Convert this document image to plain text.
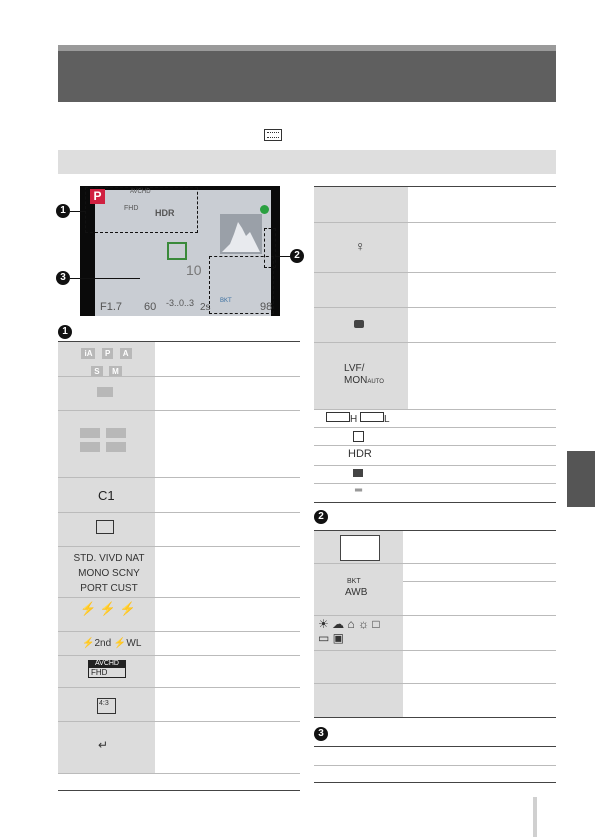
P
F1.7 60 -3..0..3 2s	98
10
HDR
BKT
AVCHD
FHD
1
2
3
1
iA P A
S M
C1
STD. VIVD NAT
MONO SCNY
PORT CUST
⚡ ⚡ ⚡
⚡2nd ⚡WL
AVCHD
FHD
4:3
↵
♀
LVF/
MONAUTO
H	L
HDR
═
2
BKT
AWB
☀ ☁ ⌂ ☼ □
▭ ▣
3
